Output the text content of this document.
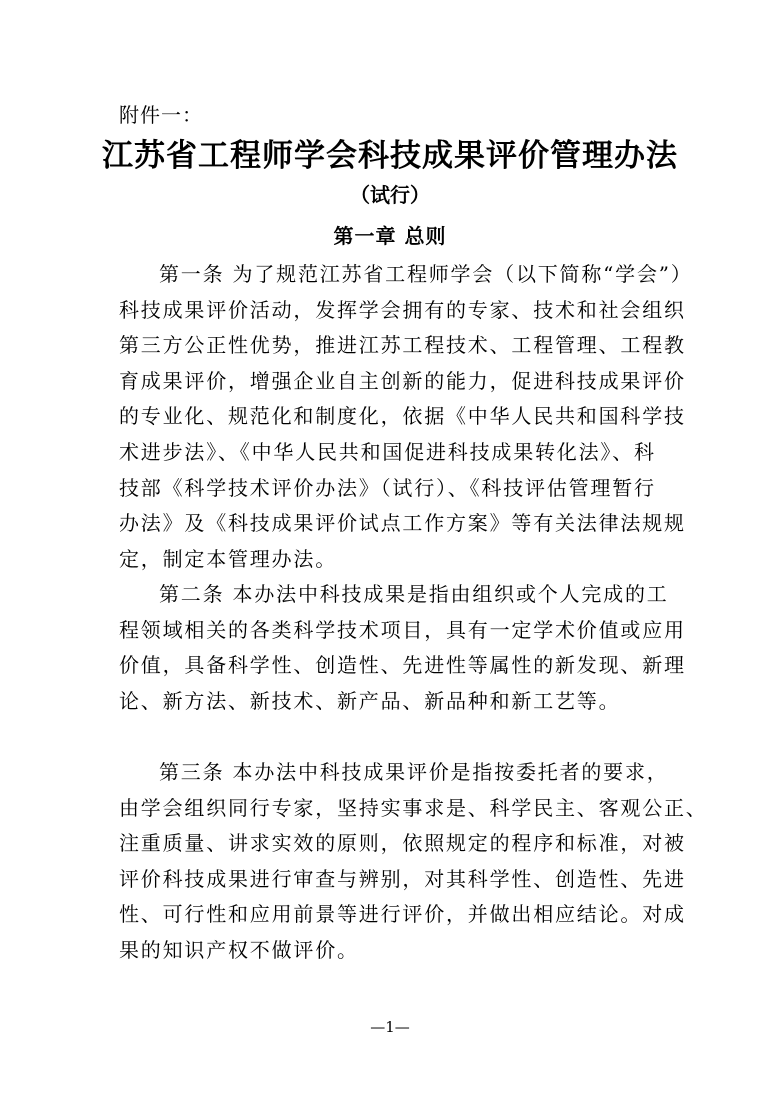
附件一：
江苏省工程师学会科技成果评价管理办法
（试行）
第一章 总则
第一条 为了规范江苏省工程师学会（以下简称“学会”）
科技成果评价活动，发挥学会拥有的专家、技术和社会组织
第三方公正性优势，推进江苏工程技术、工程管理、工程教
育成果评价，增强企业自主创新的能力，促进科技成果评价
的专业化、规范化和制度化，依据《中华人民共和国科学技
术进步法》、《中华人民共和国促进科技成果转化法》、科
技部《科学技术评价办法》（试行）、《科技评估管理暂行
办法》及《科技成果评价试点工作方案》等有关法律法规规
定，制定本管理办法。
第二条 本办法中科技成果是指由组织或个人完成的工
程领域相关的各类科学技术项目，具有一定学术价值或应用
价值，具备科学性、创造性、先进性等属性的新发现、新理
论、新方法、新技术、新产品、新品种和新工艺等。
第三条 本办法中科技成果评价是指按委托者的要求，
由学会组织同行专家，坚持实事求是、科学民主、客观公正、
注重质量、讲求实效的原则，依照规定的程序和标准，对被
评价科技成果进行审查与辨别，对其科学性、创造性、先进
性、可行性和应用前景等进行评价，并做出相应结论。对成
果的知识产权不做评价。
—1—
